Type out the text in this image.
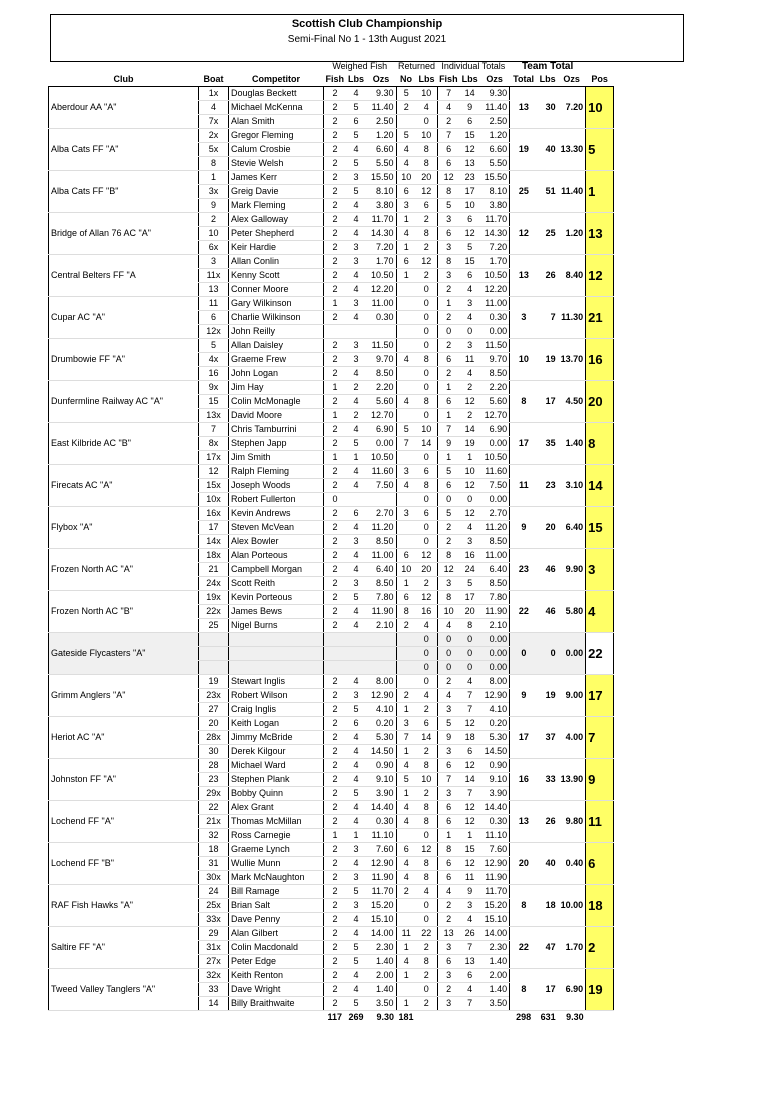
Scottish Club Championship
Semi-Final No 1 - 13th August 2021
			Weighed Fish			Returned		Individual Totals			Team Total			
Club	Boat	Competitor	Fish	Lbs	Ozs	No	Lbs	Fish	Lbs	Ozs	Total	Lbs	Ozs	Pos
Aberdour AA "A"	1x	Douglas Beckett	2	4	9.30	5	10	7	14	9.30	13	30	7.20	10
	4	Michael McKenna	2	5	11.40	2	4	4	9	11.40				
	7x	Alan Smith	2	6	2.50		0	2	6	2.50				
Alba Cats FF "A"	2x	Gregor Fleming	2	5	1.20	5	10	7	15	1.20	19	40	13.30	5
	5x	Calum Crosbie	2	4	6.60	4	8	6	12	6.60				
	8	Stevie Welsh	2	5	5.50	4	8	6	13	5.50				
Alba Cats FF "B"	1	James Kerr	2	3	15.50	10	20	12	23	15.50	25	51	11.40	1
	3x	Greig Davie	2	5	8.10	6	12	8	17	8.10				
	9	Mark Fleming	2	4	3.80	3	6	5	10	3.80				
Bridge of Allan 76 AC "A"	2	Alex Galloway	2	4	11.70	1	2	3	6	11.70	12	25	1.20	13
	10	Peter Shepherd	2	4	14.30	4	8	6	12	14.30				
	6x	Keir Hardie	2	3	7.20	1	2	3	5	7.20				
Central Belters FF "A	3	Allan Conlin	2	3	1.70	6	12	8	15	1.70	13	26	8.40	12
	11x	Kenny Scott	2	4	10.50	1	2	3	6	10.50				
	13	Conner Moore	2	4	12.20		0	2	4	12.20				
Cupar AC "A"	11	Gary Wilkinson	1	3	11.00		0	1	3	11.00	3	7	11.30	21
	6	Charlie Wilkinson	2	4	0.30		0	2	4	0.30				
	12x	John Reilly					0	0	0	0.00				
Drumbowie FF "A"	5	Allan Daisley	2	3	11.50		0	2	3	11.50	10	19	13.70	16
	4x	Graeme Frew	2	3	9.70	4	8	6	11	9.70				
	16	John Logan	2	4	8.50		0	2	4	8.50				
Dunfermline Railway AC "A"	9x	Jim Hay	1	2	2.20		0	1	2	2.20	8	17	4.50	20
	15	Colin McMonagle	2	4	5.60	4	8	6	12	5.60				
	13x	David Moore	1	2	12.70		0	1	2	12.70				
East Kilbride AC "B"	7	Chris Tamburrini	2	4	6.90	5	10	7	14	6.90	17	35	1.40	8
	8x	Stephen Japp	2	5	0.00	7	14	9	19	0.00				
	17x	Jim Smith	1	1	10.50		0	1	1	10.50				
Firecats AC "A"	12	Ralph Fleming	2	4	11.60	3	6	5	10	11.60	11	23	3.10	14
	15x	Joseph Woods	2	4	7.50	4	8	6	12	7.50				
	10x	Robert Fullerton	0				0	0	0	0.00				
Flybox "A"	16x	Kevin Andrews	2	6	2.70	3	6	5	12	2.70	9	20	6.40	15
	17	Steven McVean	2	4	11.20		0	2	4	11.20				
	14x	Alex Bowler	2	3	8.50		0	2	3	8.50				
Frozen North AC "A"	18x	Alan Porteous	2	4	11.00	6	12	8	16	11.00	23	46	9.90	3
	21	Campbell Morgan	2	4	6.40	10	20	12	24	6.40				
	24x	Scott Reith	2	3	8.50	1	2	3	5	8.50				
Frozen North AC "B"	19x	Kevin Porteous	2	5	7.80	6	12	8	17	7.80	22	46	5.80	4
	22x	James Bews	2	4	11.90	8	16	10	20	11.90				
	25	Nigel Burns	2	4	2.10	2	4	4	8	2.10				
Gateside Flycasters "A"							0	0	0	0.00	0	0	0.00	22
							0	0	0	0.00				
							0	0	0	0.00				
Grimm Anglers "A"	19	Stewart Inglis	2	4	8.00		0	2	4	8.00	9	19	9.00	17
	23x	Robert Wilson	2	3	12.90	2	4	4	7	12.90				
	27	Craig Inglis	2	5	4.10	1	2	3	7	4.10				
Heriot AC "A"	20	Keith Logan	2	6	0.20	3	6	5	12	0.20	17	37	4.00	7
	28x	Jimmy McBride	2	4	5.30	7	14	9	18	5.30				
	30	Derek Kilgour	2	4	14.50	1	2	3	6	14.50				
Johnston FF "A"	28	Michael Ward	2	4	0.90	4	8	6	12	0.90	16	33	13.90	9
	23	Stephen Plank	2	4	9.10	5	10	7	14	9.10				
	29x	Bobby Quinn	2	5	3.90	1	2	3	7	3.90				
Lochend FF "A"	22	Alex Grant	2	4	14.40	4	8	6	12	14.40	13	26	9.80	11
	21x	Thomas McMillan	2	4	0.30	4	8	6	12	0.30				
	32	Ross Carnegie	1	1	11.10		0	1	1	11.10				
Lochend FF "B"	18	Graeme Lynch	2	3	7.60	6	12	8	15	7.60	20	40	0.40	6
	31	Wullie Munn	2	4	12.90	4	8	6	12	12.90				
	30x	Mark McNaughton	2	3	11.90	4	8	6	11	11.90				
RAF Fish Hawks "A"	24	Bill Ramage	2	5	11.70	2	4	4	9	11.70	8	18	10.00	18
	25x	Brian Salt	2	3	15.20		0	2	3	15.20				
	33x	Dave Penny	2	4	15.10		0	2	4	15.10				
Saltire FF "A"	29	Alan Gilbert	2	4	14.00	11	22	13	26	14.00	22	47	1.70	2
	31x	Colin Macdonald	2	5	2.30	1	2	3	7	2.30				
	27x	Peter Edge	2	5	1.40	4	8	6	13	1.40				
Tweed Valley Tanglers "A"	32x	Keith Renton	2	4	2.00	1	2	3	6	2.00	8	17	6.90	19
	33	Dave Wright	2	4	1.40		0	2	4	1.40				
	14	Billy Braithwaite	2	5	3.50	1	2	3	7	3.50				
			117	269	9.30	181					298	631	9.30	
